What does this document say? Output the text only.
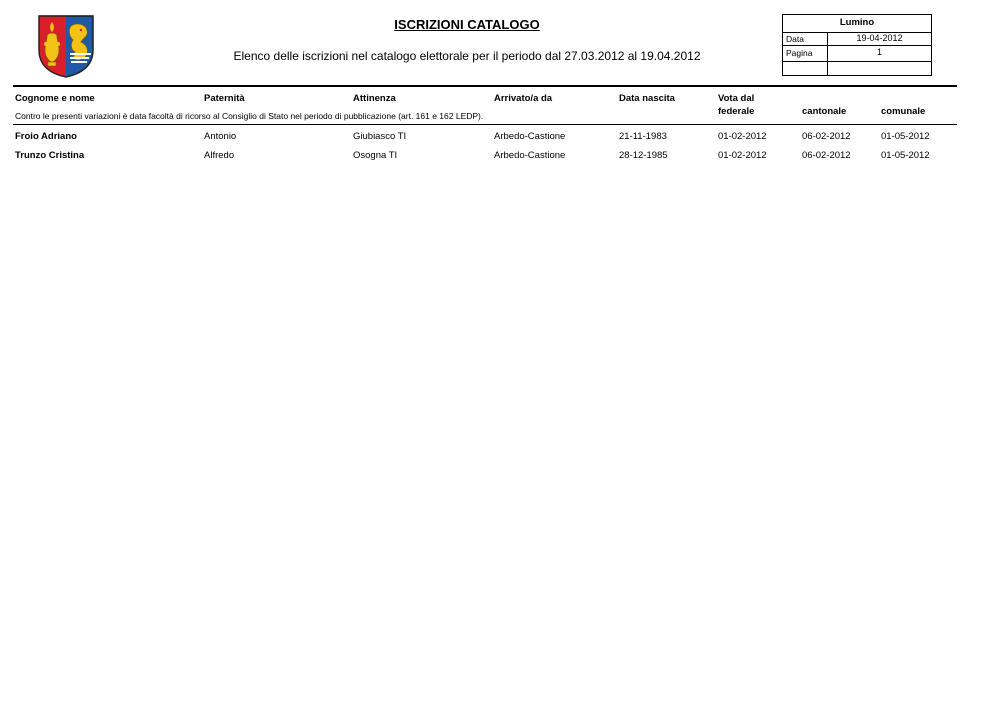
ISCRIZIONI CATALOGO
Elenco delle iscrizioni nel catalogo elettorale per il periodo dal 27.03.2012 al 19.04.2012
Lumino
Data	19-04-2012
Pagina	1
Cognome e nome	Paternità	Attinenza	Arrivato/a da	Data nascita	Vota dal
federale	cantonale	comunale
Contro le presenti variazioni è data facoltà di ricorso al Consiglio di Stato nel periodo di pubblicazione (art. 161 e 162 LEDP).
Froio Adriano	Antonio	Giubiasco TI	Arbedo-Castione	21-11-1983	01-02-2012	06-02-2012	01-05-2012
Trunzo Cristina	Alfredo	Osogna TI	Arbedo-Castione	28-12-1985	01-02-2012	06-02-2012	01-05-2012
